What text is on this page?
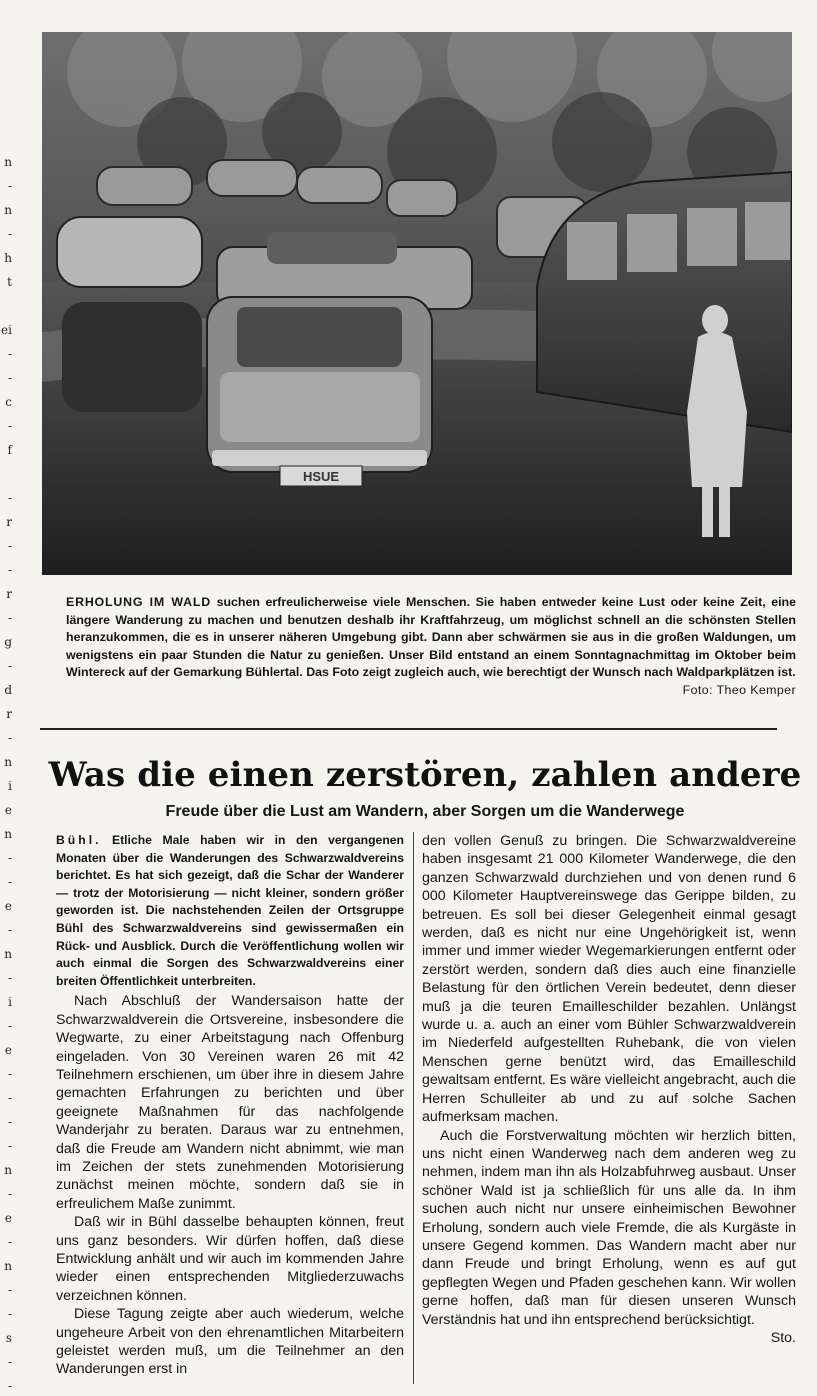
n
-
n
-
h
t
ei
-
-
c
-
f
-
r
-
-
r
-
g
-
d
r
-
n
i
e
n
-
-
e
-
n
-
i
-
e
-
-
-
-
n
-
e
-
n
-
-
s
-
-
HSUE
ERHOLUNG IM WALD suchen erfreulicherweise viele Menschen. Sie haben entweder keine Lust oder keine Zeit, eine längere Wanderung zu machen und benutzen deshalb ihr Kraftfahrzeug, um möglichst schnell an die schönsten Stellen heranzukommen, die es in unserer näheren Umgebung gibt. Dann aber schwärmen sie aus in die großen Waldungen, um wenigstens ein paar Stunden die Natur zu genießen. Unser Bild entstand an einem Sonntagnachmittag im Oktober beim Wintereck auf der Gemarkung Bühlertal. Das Foto zeigt zugleich auch, wie berechtigt der Wunsch nach Waldparkplätzen ist.
Foto: Theo Kemper
Was die einen zerstören, zahlen andere
Freude über die Lust am Wandern, aber Sorgen um die Wanderwege

Bühl. Etliche Male haben wir in den vergangenen Monaten über die Wanderungen des Schwarzwaldvereins berichtet. Es hat sich gezeigt, daß die Schar der Wanderer — trotz der Motorisierung — nicht kleiner, sondern größer geworden ist. Die nachstehenden Zeilen der Ortsgruppe Bühl des Schwarzwaldvereins sind gewissermaßen ein Rück- und Ausblick. Durch die Veröffentlichung wollen wir auch einmal die Sorgen des Schwarzwaldvereins einer breiten Öffentlichkeit unterbreiten.

Nach Abschluß der Wandersaison hatte der Schwarzwaldverein die Ortsvereine, insbesondere die Wegwarte, zu einer Arbeitstagung nach Offenburg eingeladen. Von 30 Vereinen waren 26 mit 42 Teilnehmern erschienen, um über ihre in diesem Jahre gemachten Erfahrungen zu berichten und über geeignete Maßnahmen für das nachfolgende Wanderjahr zu beraten. Daraus war zu entnehmen, daß die Freude am Wandern nicht abnimmt, wie man im Zeichen der stets zunehmenden Motorisierung zunächst meinen möchte, sondern daß sie in erfreulichem Maße zunimmt.

Daß wir in Bühl dasselbe behaupten können, freut uns ganz besonders. Wir dürfen hoffen, daß diese Entwicklung anhält und wir auch im kommenden Jahre wieder einen entsprechenden Mitgliederzuwachs verzeichnen können.

Diese Tagung zeigte aber auch wiederum, welche ungeheure Arbeit von den ehrenamtlichen Mitarbeitern geleistet werden muß, um die Teilnehmer an den Wanderungen erst in

den vollen Genuß zu bringen. Die Schwarzwaldvereine haben insgesamt 21 000 Kilometer Wanderwege, die den ganzen Schwarzwald durchziehen und von denen rund 6 000 Kilometer Hauptvereinswege das Gerippe bilden, zu betreuen. Es soll bei dieser Gelegenheit einmal gesagt werden, daß es nicht nur eine Ungehörigkeit ist, wenn immer und immer wieder Wegemarkierungen entfernt oder zerstört werden, sondern daß dies auch eine finanzielle Belastung für den örtlichen Verein bedeutet, denn dieser muß ja die teuren Emailleschilder bezahlen. Unlängst wurde u. a. auch an einer vom Bühler Schwarzwaldverein im Niederfeld aufgestellten Ruhebank, die von vielen Menschen gerne benützt wird, das Emailleschild gewaltsam entfernt. Es wäre vielleicht angebracht, auch die Herren Schulleiter ab und zu auf solche Sachen aufmerksam machen.

Auch die Forstverwaltung möchten wir herzlich bitten, uns nicht einen Wanderweg nach dem anderen weg zu nehmen, indem man ihn als Holzabfuhrweg ausbaut. Unser schöner Wald ist ja schließlich für uns alle da. In ihm suchen auch nicht nur unsere einheimischen Bewohner Erholung, sondern auch viele Fremde, die als Kurgäste in unsere Gegend kommen. Das Wandern macht aber nur dann Freude und bringt Erholung, wenn es auf gut gepflegten Wegen und Pfaden geschehen kann. Wir wollen gerne hoffen, daß man für diesen unseren Wunsch Verständnis hat und ihn entsprechend berücksichtigt.
Sto.
